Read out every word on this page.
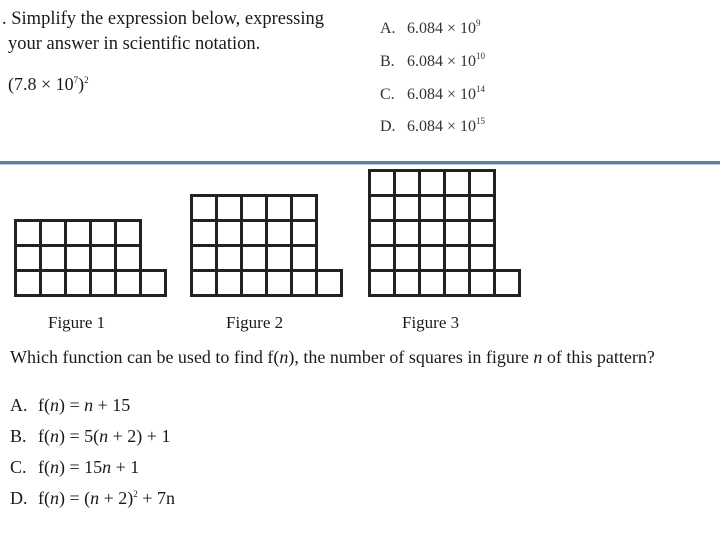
. Simplify the expression below, expressing
your answer in scientific notation.
$(7.8 \times 10^7)^2$
A. $6.084 \times 10^9$
B. $6.084 \times 10^{10}$
C. $6.084 \times 10^{14}$
D. $6.084 \times 10^{15}$
Figure 1	Figure 2	Figure 3
Which function can be used to find f(n), the number of squares in figure n of this pattern?
A. f(n) = n + 15
B. f(n) = 5(n + 2) + 1
C. f(n) = 15n + 1
D. $f(n) = (n + 2)^2 + 7n$
